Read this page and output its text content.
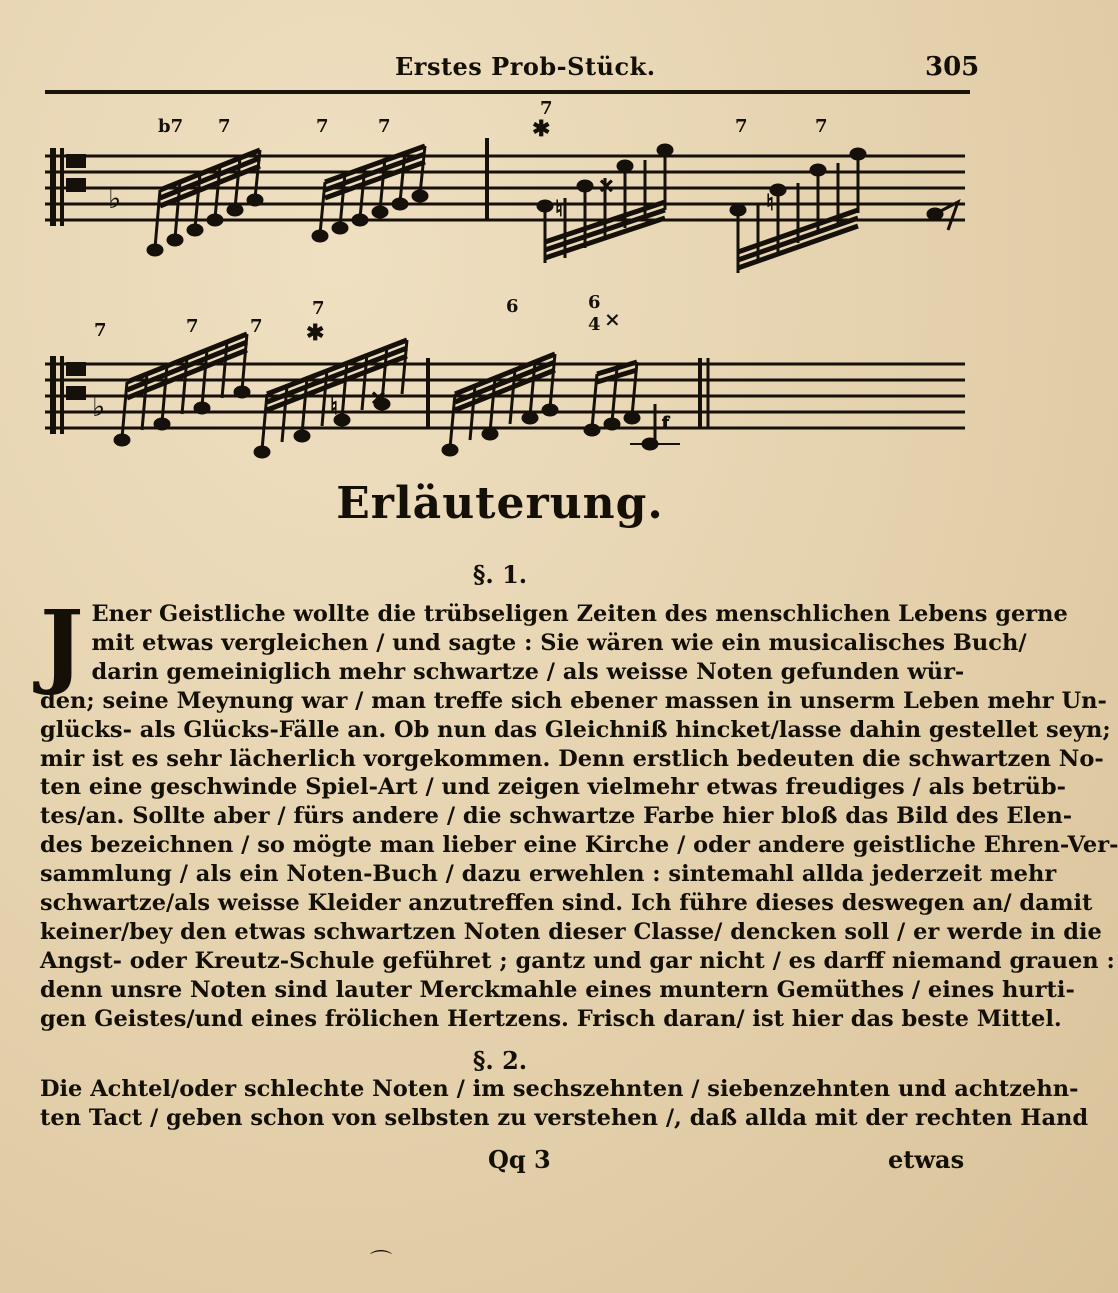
Erstes Prob-Stück.	305
♭	♮
×
♮
✱
b7 7	7	7
7
7	7
♭	♮ ×
f
✱
×
7	7	7
7	6	6
4
Erläuterung.
§. 1.
J Ener Geistliche wollte die trübseligen Zeiten des menschlichen Lebens gerne
mit etwas vergleichen / und sagte : Sie wären wie ein musicalisches Buch/
darin gemeiniglich mehr schwartze / als weisse Noten gefunden wür-
den; seine Meynung war / man treffe sich ebener massen in unserm Leben mehr Un-
glücks- als Glücks-Fälle an. Ob nun das Gleichniß hincket/lasse dahin gestellet seyn;
mir ist es sehr lächerlich vorgekommen. Denn erstlich bedeuten die schwartzen No-
ten eine geschwinde Spiel-Art / und zeigen vielmehr etwas freudiges / als betrüb-
tes/an. Sollte aber / fürs andere / die schwartze Farbe hier bloß das Bild des Elen-
des bezeichnen / so mögte man lieber eine Kirche / oder andere geistliche Ehren-Ver-
sammlung / als ein Noten-Buch / dazu erwehlen : sintemahl allda jederzeit mehr
schwartze/als weisse Kleider anzutreffen sind. Ich führe dieses deswegen an/ damit
keiner/bey den etwas schwartzen Noten dieser Classe/ dencken soll / er werde in die
Angst- oder Kreutz-Schule geführet ; gantz und gar nicht / es darff niemand grauen :
denn unsre Noten sind lauter Merckmahle eines muntern Gemüthes / eines hurti-
gen Geistes/und eines frölichen Hertzens. Frisch daran/ ist hier das beste Mittel.
§. 2.
Die Achtel/oder schlechte Noten / im sechszehnten / siebenzehnten und achtzehn-
ten Tact / geben schon von selbsten zu verstehen /, daß allda mit der rechten Hand
Qq 3	etwas
⌒
